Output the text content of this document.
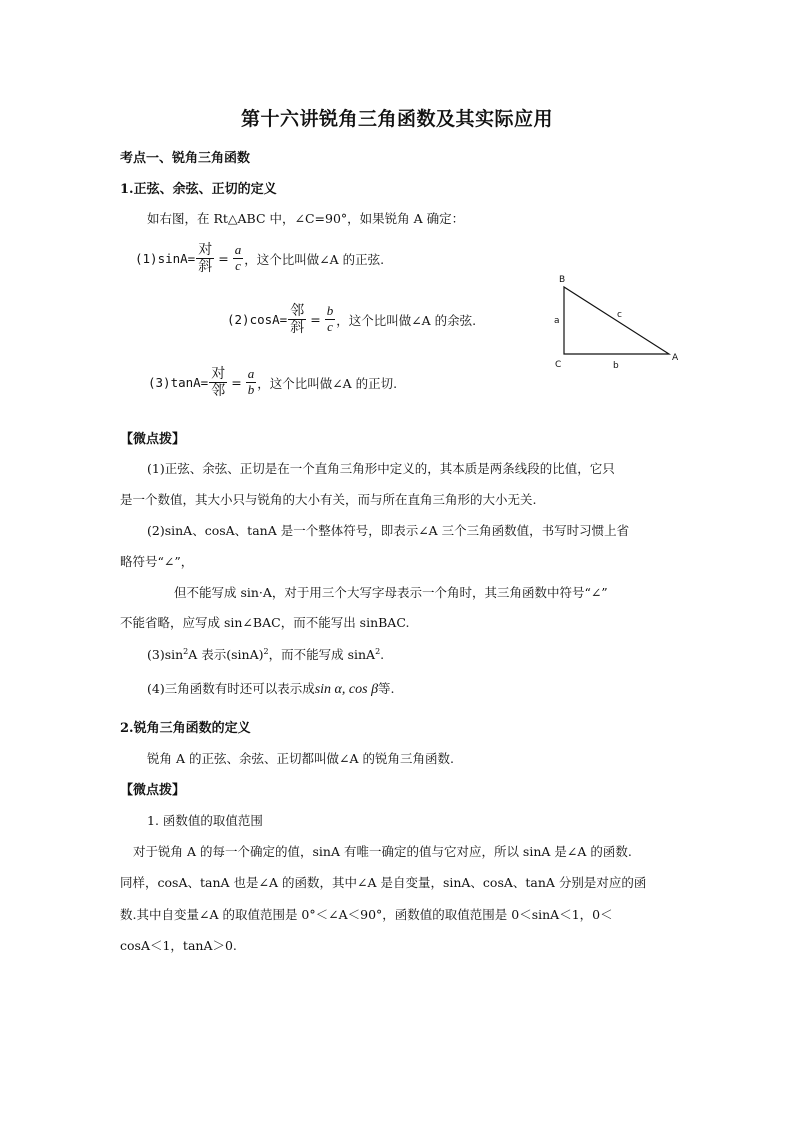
第十六讲锐角三角函数及其实际应用
考点一、锐角三角函数
1.正弦、余弦、正切的定义
如右图，在 Rt△ABC 中，∠C=90°，如果锐角 A 确定：
$(1)\sin A= \frac{\text{对}}{\text{斜}} = \frac{a}{c}$ ，这个比叫做∠A 的正弦.
$(2)\cos A= \frac{\text{邻}}{\text{斜}} = \frac{b}{c}$ ，这个比叫做∠A 的余弦.
$(3)\tan A= \frac{\text{对}}{\text{邻}} = \frac{a}{b}$ ，这个比叫做∠A 的正切.
B
C
A
a
b
c
【微点拨】
(1)正弦、余弦、正切是在一个直角三角形中定义的，其本质是两条线段的比值，它只
是一个数值，其大小只与锐角的大小有关，而与所在直角三角形的大小无关.
(2)sinA、cosA、tanA 是一个整体符号，即表示∠A 三个三角函数值，书写时习惯上省
略符号“∠”，
但不能写成 sin·A，对于用三个大写字母表示一个角时，其三角函数中符号“∠”
不能省略，应写成 sin∠BAC，而不能写出 sinBAC.
$(3)\sin^2A$ 表示$(\sin A)^2$，而不能写成 sinA$^2$.
(4)三角函数有时还可以表示成sin α, cos β等.
2.锐角三角函数的定义
锐角 A 的正弦、余弦、正切都叫做∠A 的锐角三角函数.
【微点拨】
1. 函数值的取值范围
对于锐角 A 的每一个确定的值，sinA 有唯一确定的值与它对应，所以 sinA 是∠A 的函数.
同样，cosA、tanA 也是∠A 的函数，其中∠A 是自变量，sinA、cosA、tanA 分别是对应的函
数.其中自变量∠A 的取值范围是 0°＜∠A＜90°，函数值的取值范围是 0＜sinA＜1，0＜
cosA＜1，tanA＞0.
